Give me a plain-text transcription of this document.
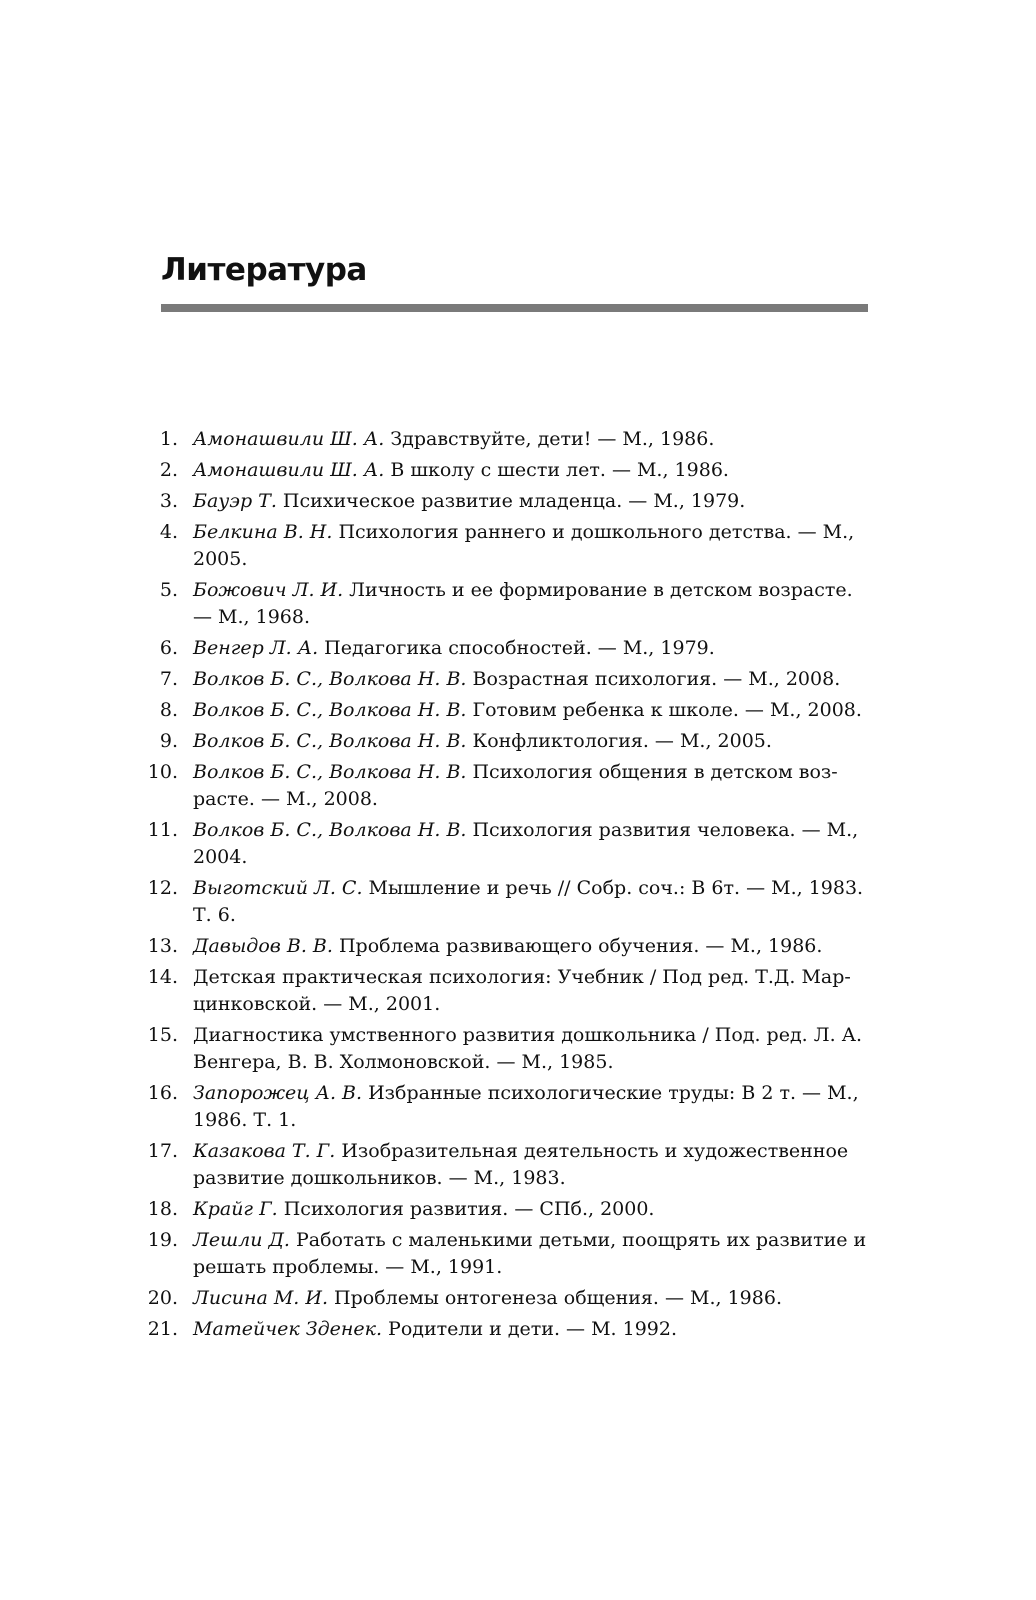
Литература
1. Амонашвили Ш. А. Здравствуйте, дети! — М., 1986.
2. Амонашвили Ш. А. В школу с шести лет. — М., 1986.
3. Бауэр Т. Психическое развитие младенца. — М., 1979.
4. Белкина В. Н. Психология раннего и дошкольного детства. — М., 2005.
5. Божович Л. И. Личность и ее формирование в детском возрасте. — М., 1968.
6. Венгер Л. А. Педагогика способностей. — М., 1979.
7. Волков Б. С., Волкова Н. В. Возрастная психология. — М., 2008.
8. Волков Б. С., Волкова Н. В. Готовим ребенка к школе. — М., 2008.
9. Волков Б. С., Волкова Н. В. Конфликтология. — М., 2005.
10. Волков Б. С., Волкова Н. В. Психология общения в детском воз-расте. — М., 2008.
11. Волков Б. С., Волкова Н. В. Психология развития человека. — М., 2004.
12. Выготский Л. С. Мышление и речь // Собр. соч.: В 6т. — М., 1983. Т. 6.
13. Давыдов В. В. Проблема развивающего обучения. — М., 1986.
14. Детская практическая психология: Учебник / Под ред. Т.Д. Мар-цинковской. — М., 2001.
15. Диагностика умственного развития дошкольника / Под. ред. Л. А. Венгера, В. В. Холмоновской. — М., 1985.
16. Запорожец А. В. Избранные психологические труды: В 2 т. — М., 1986. Т. 1.
17. Казакова Т. Г. Изобразительная деятельность и художественное развитие дошкольников. — М., 1983.
18. Крайг Г. Психология развития. — СПб., 2000.
19. Лешли Д. Работать с маленькими детьми, поощрять их развитие и решать проблемы. — М., 1991.
20. Лисина М. И. Проблемы онтогенеза общения. — М., 1986.
21. Матейчек Зденек. Родители и дети. — М. 1992.
